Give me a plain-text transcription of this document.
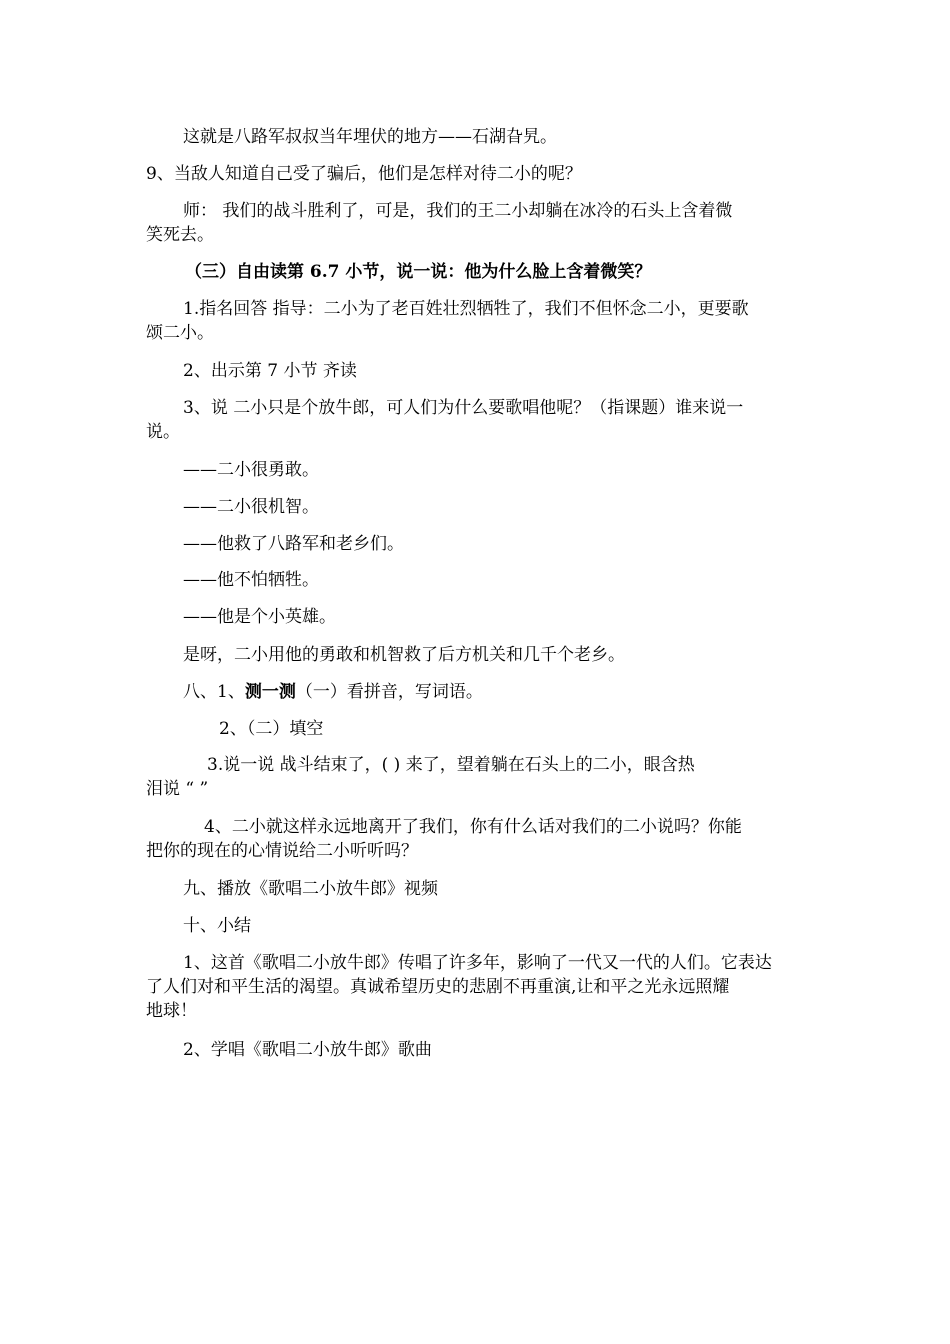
这就是八路军叔叔当年埋伏的地方——石湖旮旯。
9、当敌人知道自己受了骗后，他们是怎样对待二小的呢？
师： 我们的战斗胜利了，可是，我们的王二小却躺在冰冷的石头上含着微
笑死去。
（三）自由读第 6.7 小节，说一说：他为什么脸上含着微笑？
1.指名回答 指导：二小为了老百姓壮烈牺牲了，我们不但怀念二小，更要歌
颂二小。
2、出示第 7 小节 齐读
3、说 二小只是个放牛郎，可人们为什么要歌唱他呢？（指课题）谁来说一
说。
——二小很勇敢。
——二小很机智。
——他救了八路军和老乡们。
——他不怕牺牲。
——他是个小英雄。
是呀，二小用他的勇敢和机智救了后方机关和几千个老乡。
八、1、测一测（一）看拼音，写词语。
2、（二）填空
3.说一说 战斗结束了，( ) 来了，望着躺在石头上的二小，眼含热
泪说 “ ”
4、二小就这样永远地离开了我们，你有什么话对我们的二小说吗？你能
把你的现在的心情说给二小听听吗？
九、播放《歌唱二小放牛郎》视频
十、小结
1、这首《歌唱二小放牛郎》传唱了许多年，影响了一代又一代的人们。它表达
了人们对和平生活的渴望。真诚希望历史的悲剧不再重演,让和平之光永远照耀
地球！
2、学唱《歌唱二小放牛郎》歌曲
